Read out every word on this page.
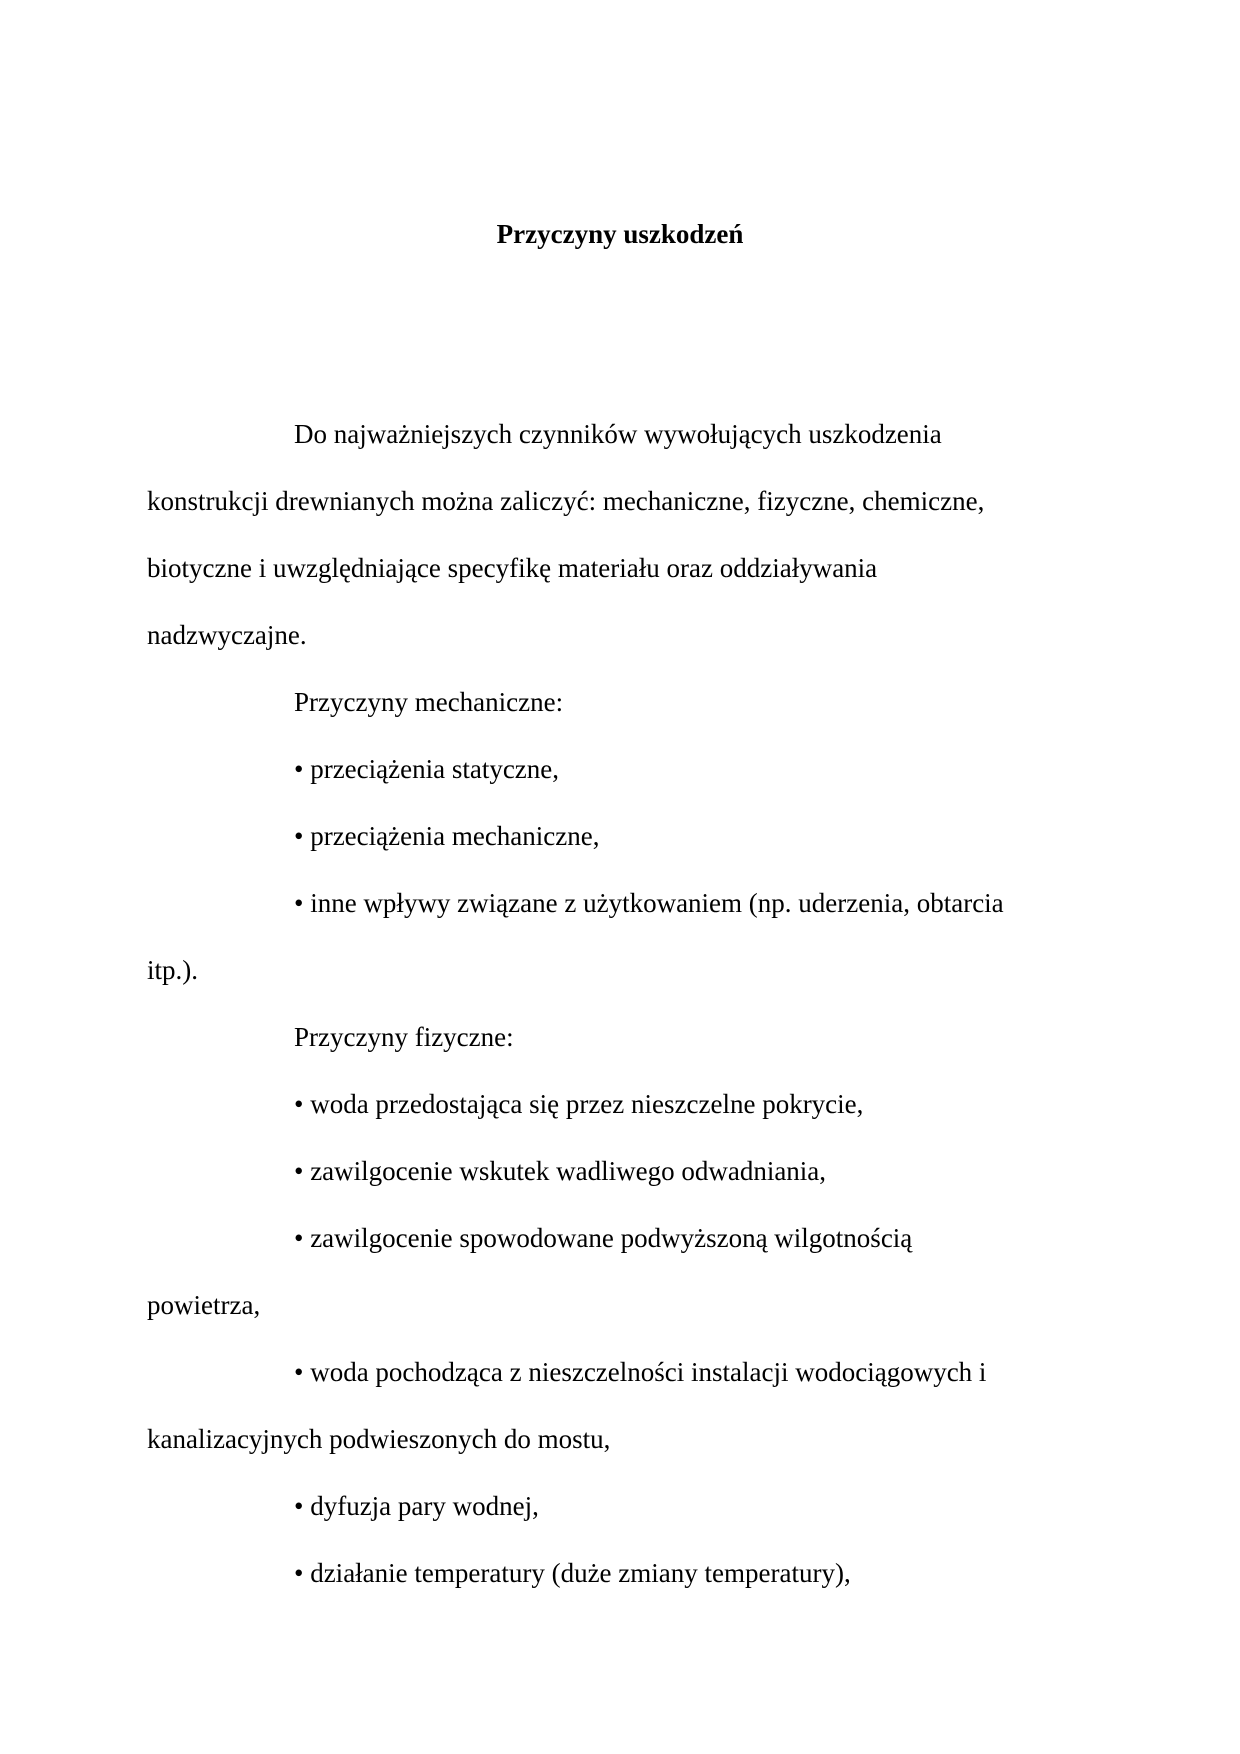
Przyczyny uszkodzeń
Do najważniejszych czynników wywołujących uszkodzenia
konstrukcji drewnianych można zaliczyć: mechaniczne, fizyczne, chemiczne,
biotyczne i uwzględniające specyfikę materiału oraz oddziaływania
nadzwyczajne.
Przyczyny mechaniczne:
• przeciążenia statyczne,
• przeciążenia mechaniczne,
• inne wpływy związane z użytkowaniem (np. uderzenia, obtarcia
itp.).
Przyczyny fizyczne:
• woda przedostająca się przez nieszczelne pokrycie,
• zawilgocenie wskutek wadliwego odwadniania,
• zawilgocenie spowodowane podwyższoną wilgotnością
powietrza,
• woda pochodząca z nieszczelności instalacji wodociągowych i
kanalizacyjnych podwieszonych do mostu,
• dyfuzja pary wodnej,
• działanie temperatury (duże zmiany temperatury),
